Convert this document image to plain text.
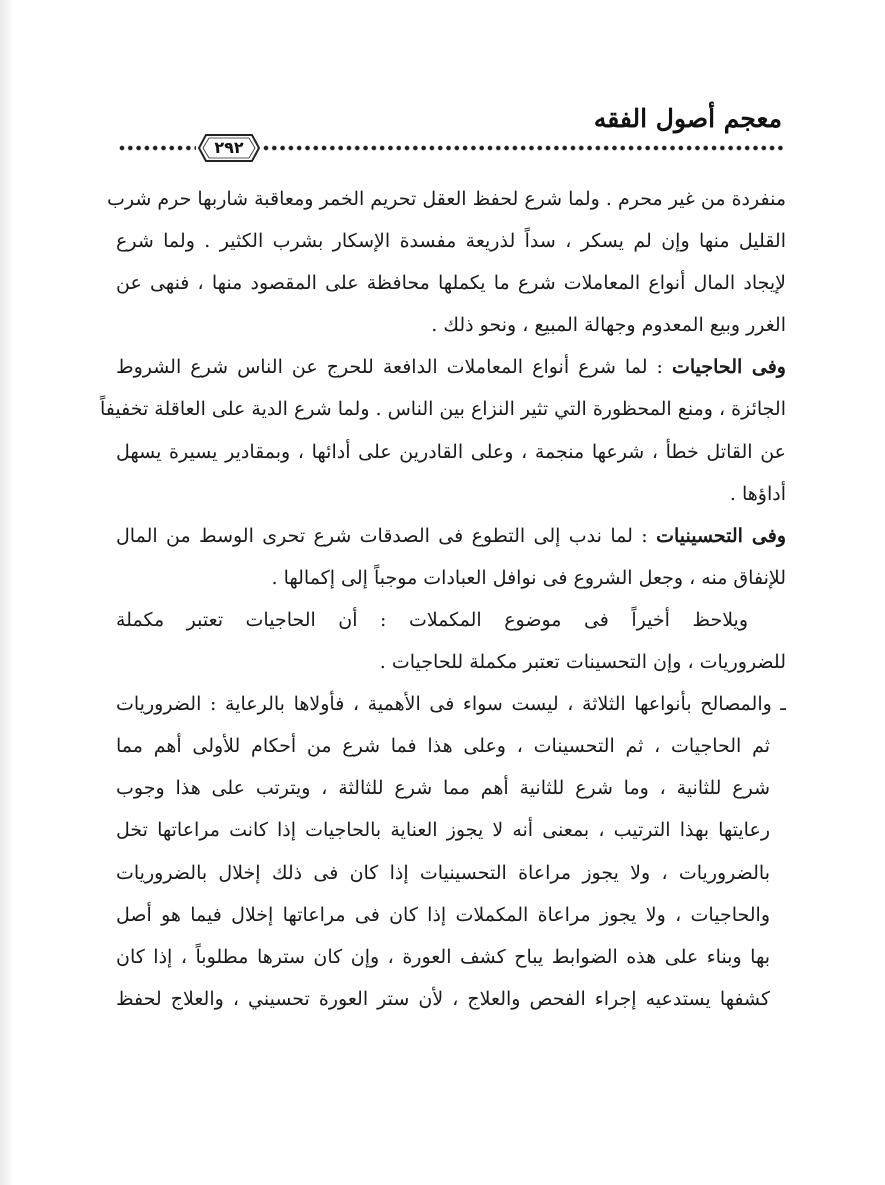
معجم أصول الفقه
٢٩٢
منفردة من غير محرم . ولما شرع لحفظ العقل تحريم الخمر ومعاقبة شاربها حرم شرب
القليل منها وإن لم يسكر ، سداً لذريعة مفسدة الإسكار بشرب الكثير . ولما شرع
لإيجاد المال أنواع المعاملات شرع ما يكملها محافظة على المقصود منها ، فنهى عن
الغرر وبيع المعدوم وجهالة المبيع ، ونحو ذلك .
وفى الحاجيات : لما شرع أنواع المعاملات الدافعة للحرج عن الناس شرع الشروط
الجائزة ، ومنع المحظورة التي تثير النزاع بين الناس . ولما شرع الدية على العاقلة تخفيفاً
عن القاتل خطأ ، شرعها منجمة ، وعلى القادرين على أدائها ، وبمقادير يسيرة يسهل
أداؤها .
وفى التحسينيات : لما ندب إلى التطوع فى الصدقات شرع تحرى الوسط من المال
للإنفاق منه ، وجعل الشروع فى نوافل العبادات موجباً إلى إكمالها .
ويلاحظ أخيراً فى موضوع المكملات : أن الحاجيات تعتبر مكملة
للضروريات ، وإن التحسينات تعتبر مكملة للحاجيات .
ـ والمصالح بأنواعها الثلاثة ، ليست سواء فى الأهمية ، فأولاها بالرعاية : الضروريات
ثم الحاجيات ، ثم التحسينات ، وعلى هذا فما شرع من أحكام للأولى أهم مما
شرع للثانية ، وما شرع للثانية أهم مما شرع للثالثة ، ويترتب على هذا وجوب
رعايتها بهذا الترتيب ، بمعنى أنه لا يجوز العناية بالحاجيات إذا كانت مراعاتها تخل
بالضروريات ، ولا يجوز مراعاة التحسينيات إذا كان فى ذلك إخلال بالضروريات
والحاجيات ، ولا يجوز مراعاة المكملات إذا كان فى مراعاتها إخلال فيما هو أصل
بها وبناء على هذه الضوابط يباح كشف العورة ، وإن كان سترها مطلوباً ، إذا كان
كشفها يستدعيه إجراء الفحص والعلاج ، لأن ستر العورة تحسيني ، والعلاج لحفظ
